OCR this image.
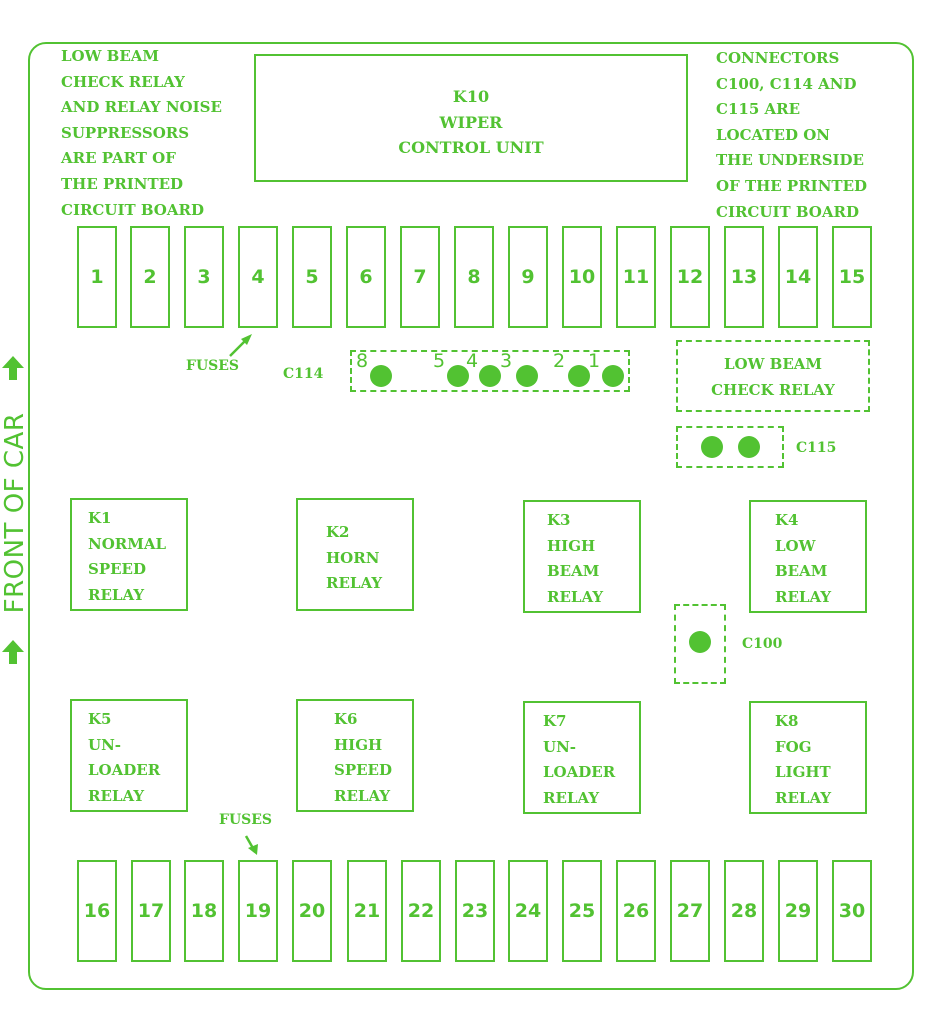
LOW BEAM
CHECK RELAY
AND RELAY NOISE
SUPPRESSORS
ARE PART OF
THE PRINTED
CIRCUIT BOARD
CONNECTORS
C100, C114 AND
C115 ARE
LOCATED ON
THE UNDERSIDE
OF THE PRINTED
CIRCUIT BOARD
K10
WIPER
CONTROL UNIT
1	2	3	4	5	6	7	8	9	10	11	12	13	14	15
16	17	18	19	20	21	22	23	24	25	26	27	28	29	30
FUSES
FUSES
C114
8	5 4 3 2 1	LOW BEAM
CHECK RELAY
C115
C100
K1
NORMAL
SPEED
RELAY
K2
HORN
RELAY
K3
HIGH
BEAM
RELAY
K4
LOW
BEAM
RELAY
K5
UN-
LOADER
RELAY
K6
HIGH
SPEED
RELAY
K7
UN-
LOADER
RELAY
K8
FOG
LIGHT
RELAY
FRONT OF CAR
